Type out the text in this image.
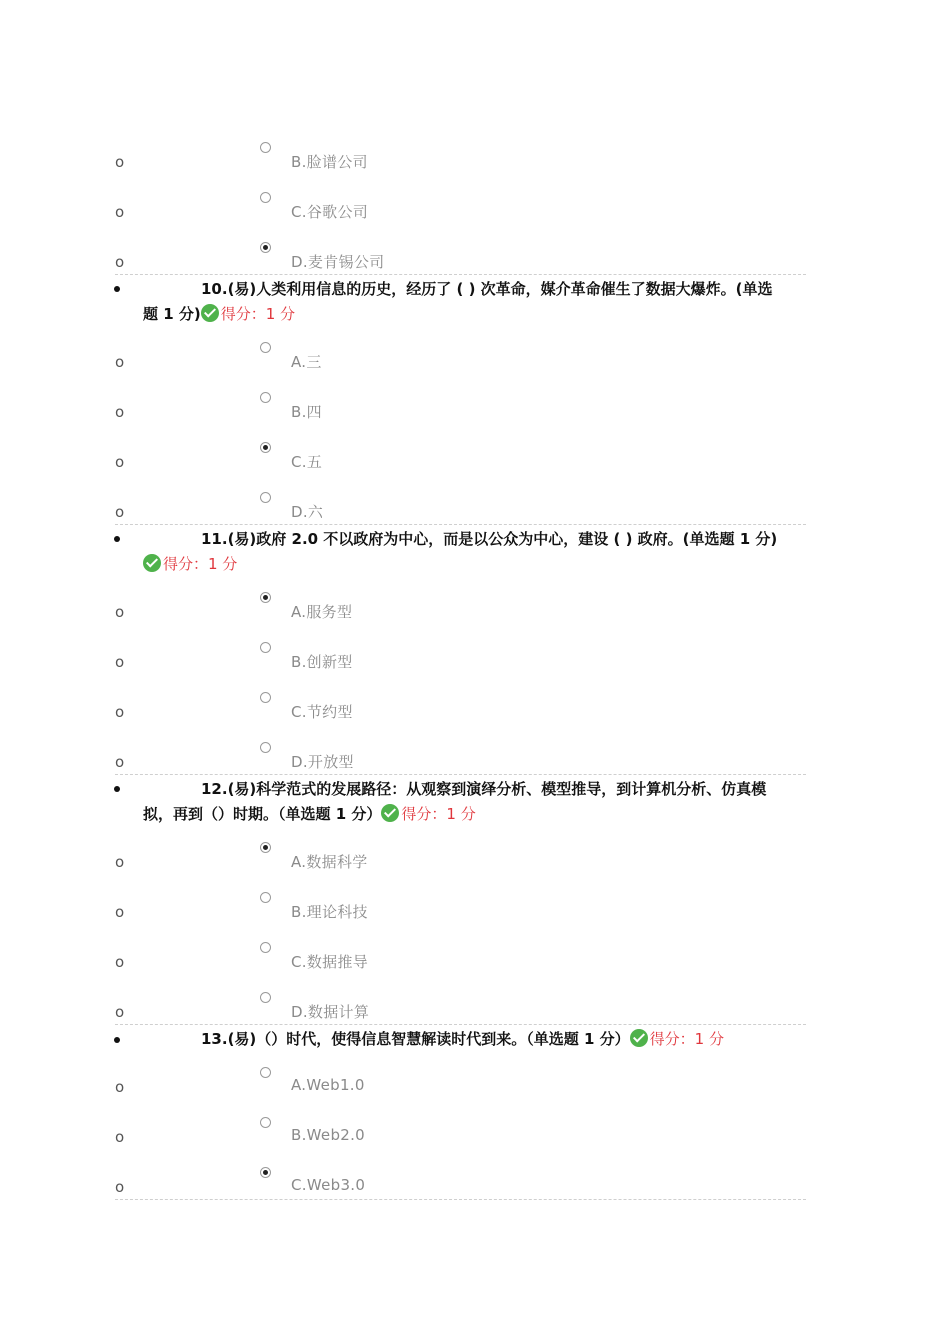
o	B.脸谱公司
o	C.谷歌公司
o	D.麦肯锡公司
10.(易)人类利用信息的历史，经历了 ( ) 次革命，媒介革命催生了数据大爆炸。(单选
题 1 分) 得分：1 分
o	A.三
o	B.四
o	C.五
o	D.六
11.(易)政府 2.0 不以政府为中心，而是以公众为中心，建设 ( ) 政府。(单选题 1 分)
得分：1 分
o	A.服务型
o	B.创新型
o	C.节约型
o	D.开放型
12.(易)科学范式的发展路径：从观察到演绎分析、模型推导，到计算机分析、仿真模
拟，再到（）时期。（单选题 1 分） 得分：1 分
o	A.数据科学
o	B.理论科技
o	C.数据推导
o	D.数据计算
13.(易)（）时代，使得信息智慧解读时代到来。（单选题 1 分） 得分：1 分
o	A.Web1.0
o	B.Web2.0
o	C.Web3.0
